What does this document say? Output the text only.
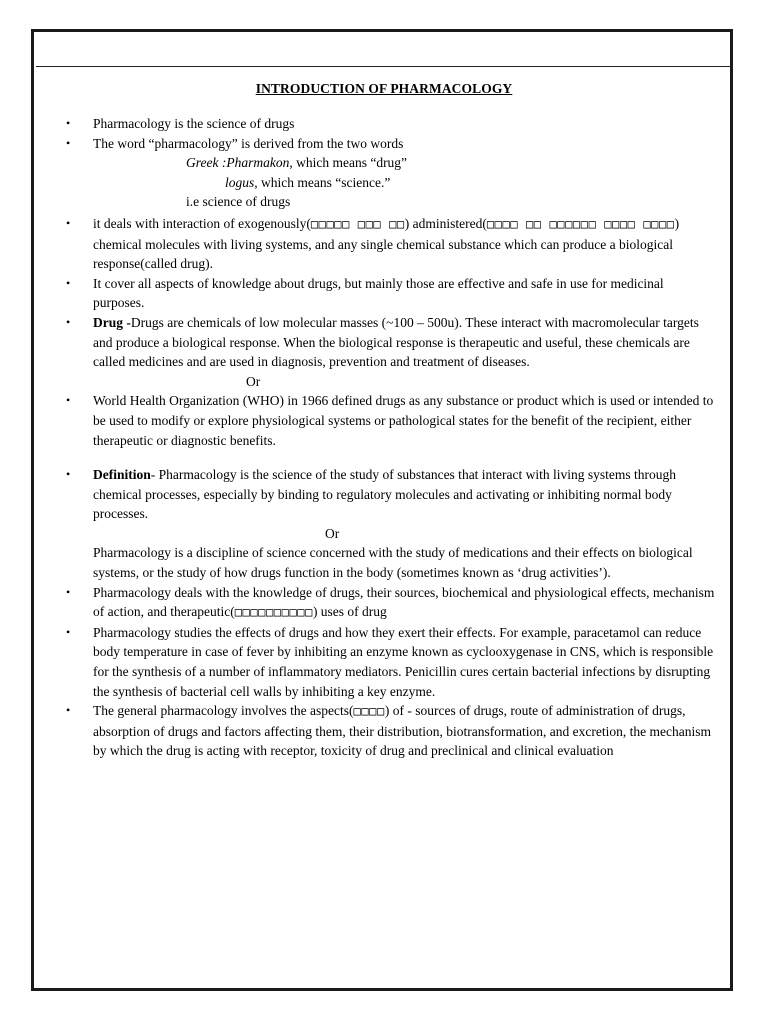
INTRODUCTION OF PHARMACOLOGY
• Pharmacology is the science of drugs
• The word “pharmacology” is derived from the two words
Greek :Pharmakon, which means “drug”
logus, which means “science.”
i.e science of drugs
• it deals with interaction of exogenously(□□□□□ □□□ □□) administered(□□□□ □□ □□□□□□ □□□□ □□□□) chemical molecules with living systems, and any single chemical substance which can produce a biological response(called drug).
• It cover all aspects of knowledge about drugs, but mainly those are effective and safe in use for medicinal purposes.
• Drug -Drugs are chemicals of low molecular masses (~100 – 500u). These interact with macromolecular targets and produce a biological response. When the biological response is therapeutic and useful, these chemicals are called medicines and are used in diagnosis, prevention and treatment of diseases.
Or
• World Health Organization (WHO) in 1966 defined drugs as any substance or product which is used or intended to be used to modify or explore physiological systems or pathological states for the benefit of the recipient, either therapeutic or diagnostic benefits.
• Definition- Pharmacology is the science of the study of substances that interact with living systems through chemical processes, especially by binding to regulatory molecules and activating or inhibiting normal body processes.
Or
Pharmacology is a discipline of science concerned with the study of medications and their effects on biological systems, or the study of how drugs function in the body (sometimes known as ‘drug activities’).
• Pharmacology deals with the knowledge of drugs, their sources, biochemical and physiological effects, mechanism of action, and therapeutic(□□□□□□□□□□) uses of drug
• Pharmacology studies the effects of drugs and how they exert their effects. For example, paracetamol can reduce body temperature in case of fever by inhibiting an enzyme known as cyclooxygenase in CNS, which is responsible for the synthesis of a number of inflammatory mediators. Penicillin cures certain bacterial infections by disrupting the synthesis of bacterial cell walls by inhibiting a key enzyme.
• The general pharmacology involves the aspects(□□□□) of - sources of drugs, route of administration of drugs, absorption of drugs and factors affecting them, their distribution, biotransformation, and excretion, the mechanism by which the drug is acting with receptor, toxicity of drug and preclinical and clinical evaluation
